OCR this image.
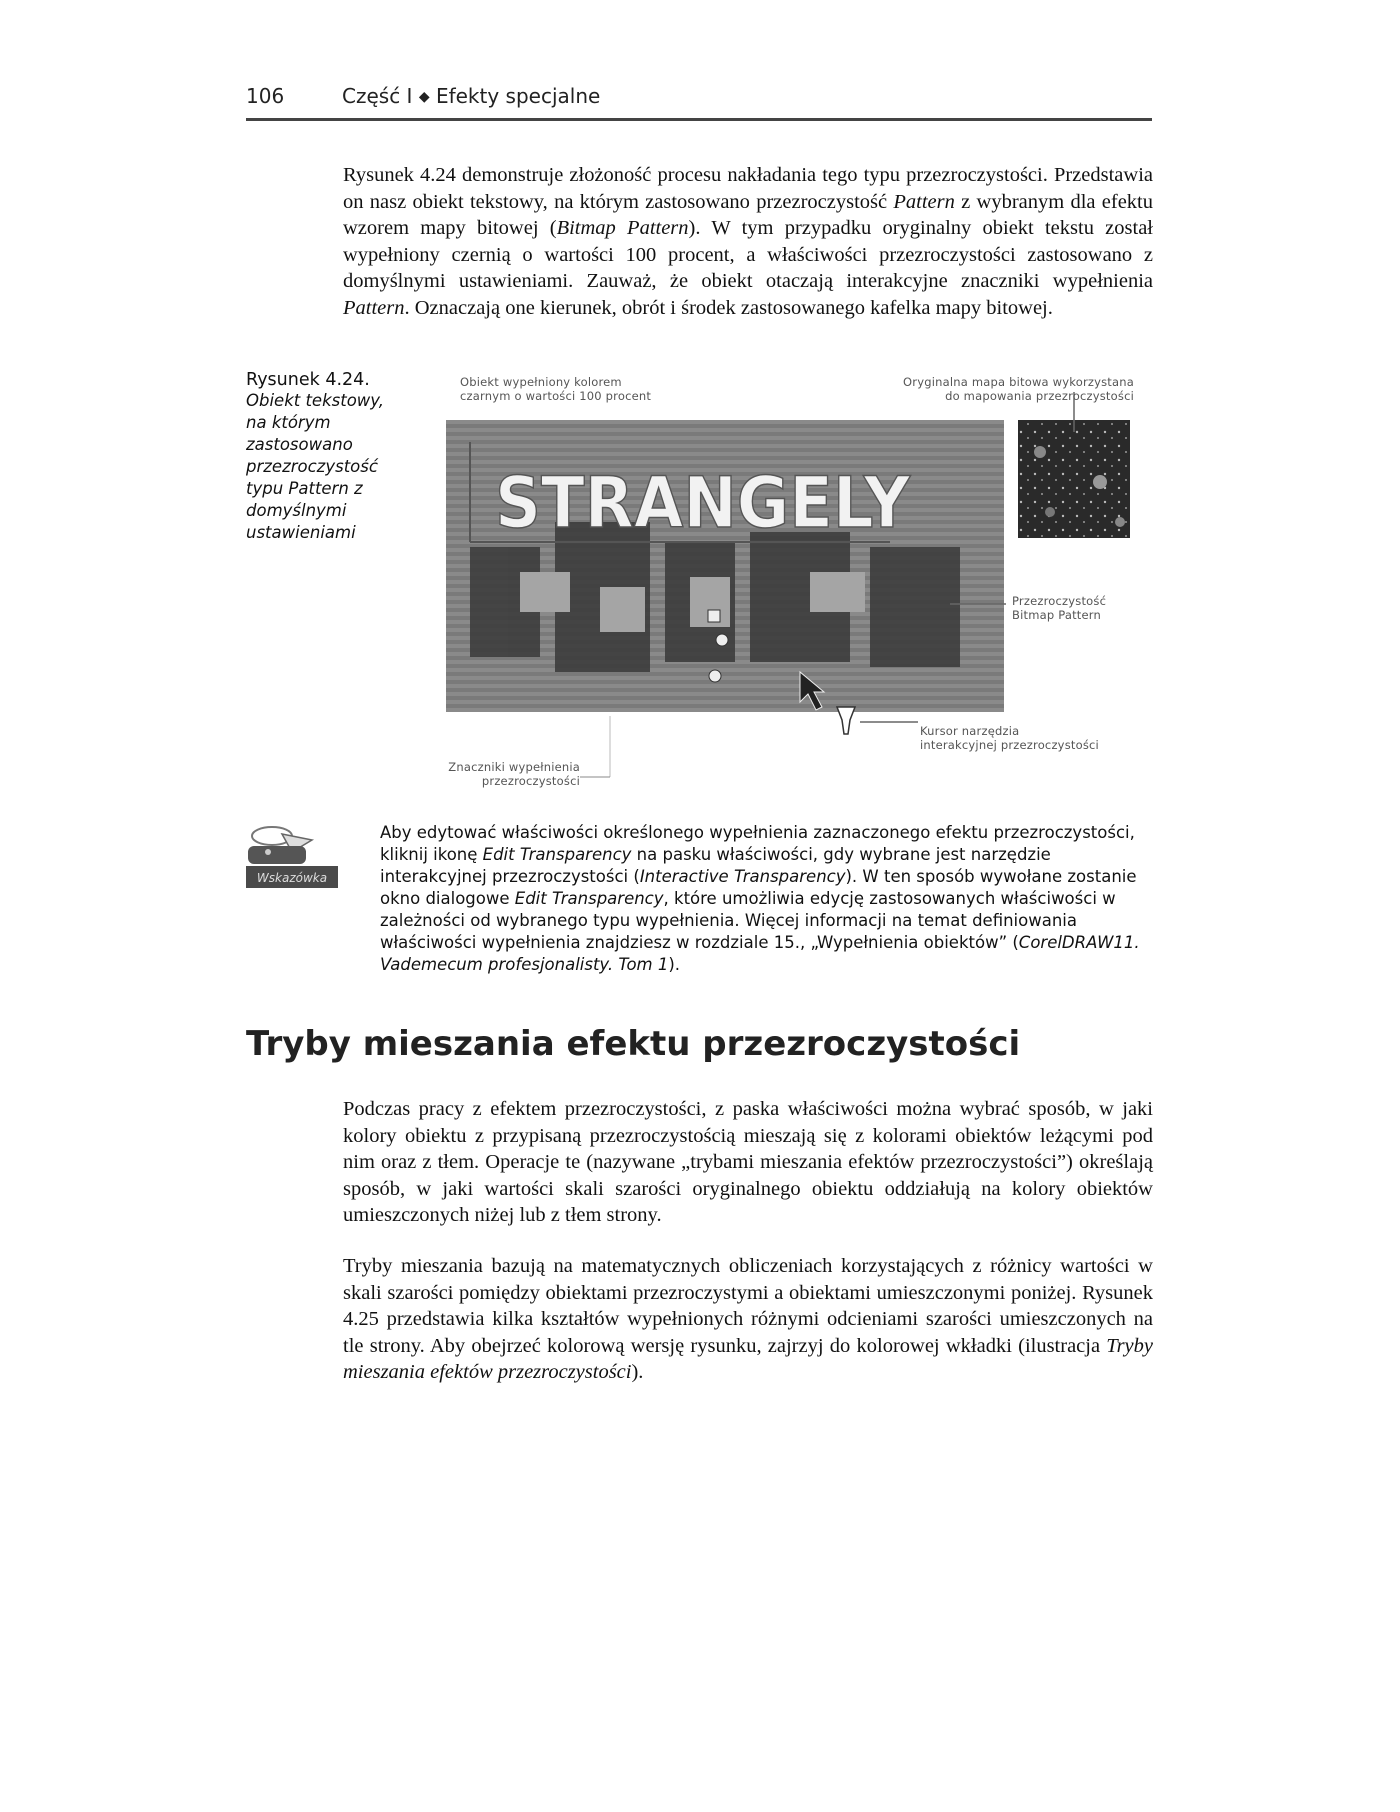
106	Część I ◆ Efekty specjalne
Rysunek 4.24 demonstruje złożoność procesu nakładania tego typu przezroczystości. Przedstawia on nasz obiekt tekstowy, na którym zastosowano przezroczystość Pattern z wybranym dla efektu wzorem mapy bitowej (Bitmap Pattern). W tym przypadku oryginalny obiekt tekstu został wypełniony czernią o wartości 100 procent, a właściwości przezroczystości zastosowano z domyślnymi ustawieniami. Zauważ, że obiekt otaczają interakcyjne znaczniki wypełnienia Pattern. Oznaczają one kierunek, obrót i środek zastosowanego kafelka mapy bitowej.
Rysunek 4.24.
Obiekt tekstowy, na którym zastosowano przezroczystość typu Pattern z domyślnymi ustawieniami	STRANGELY
Obiekt wypełniony kolorem
czarnym o wartości 100 procent
Oryginalna mapa bitowa wykorzystana
do mapowania przezroczystości
Przezroczystość
Bitmap Pattern
Kursor narzędzia
interakcyjnej przezroczystości
Znaczniki wypełnienia
przezroczystości
Wskazówka
Aby edytować właściwości określonego wypełnienia zaznaczonego efektu przezroczystości, kliknij ikonę Edit Transparency na pasku właściwości, gdy wybrane jest narzędzie interakcyjnej przezroczystości (Interactive Transparency). W ten sposób wywołane zostanie okno dialogowe Edit Transparency, które umożliwia edycję zastosowanych właściwości w zależności od wybranego typu wypełnienia. Więcej informacji na temat definiowania właściwości wypełnienia znajdziesz w rozdziale 15., „Wypełnienia obiektów” (CorelDRAW11. Vademecum profesjonalisty. Tom 1).
Tryby mieszania efektu przezroczystości
Podczas pracy z efektem przezroczystości, z paska właściwości można wybrać sposób, w jaki kolory obiektu z przypisaną przezroczystością mieszają się z kolorami obiektów leżącymi pod nim oraz z tłem. Operacje te (nazywane „trybami mieszania efektów przezroczystości”) określają sposób, w jaki wartości skali szarości oryginalnego obiektu oddziałują na kolory obiektów umieszczonych niżej lub z tłem strony.
Tryby mieszania bazują na matematycznych obliczeniach korzystających z różnicy wartości w skali szarości pomiędzy obiektami przezroczystymi a obiektami umieszczonymi poniżej. Rysunek 4.25 przedstawia kilka kształtów wypełnionych różnymi odcieniami szarości umieszczonych na tle strony. Aby obejrzeć kolorową wersję rysunku, zajrzyj do kolorowej wkładki (ilustracja Tryby mieszania efektów przezroczystości).
